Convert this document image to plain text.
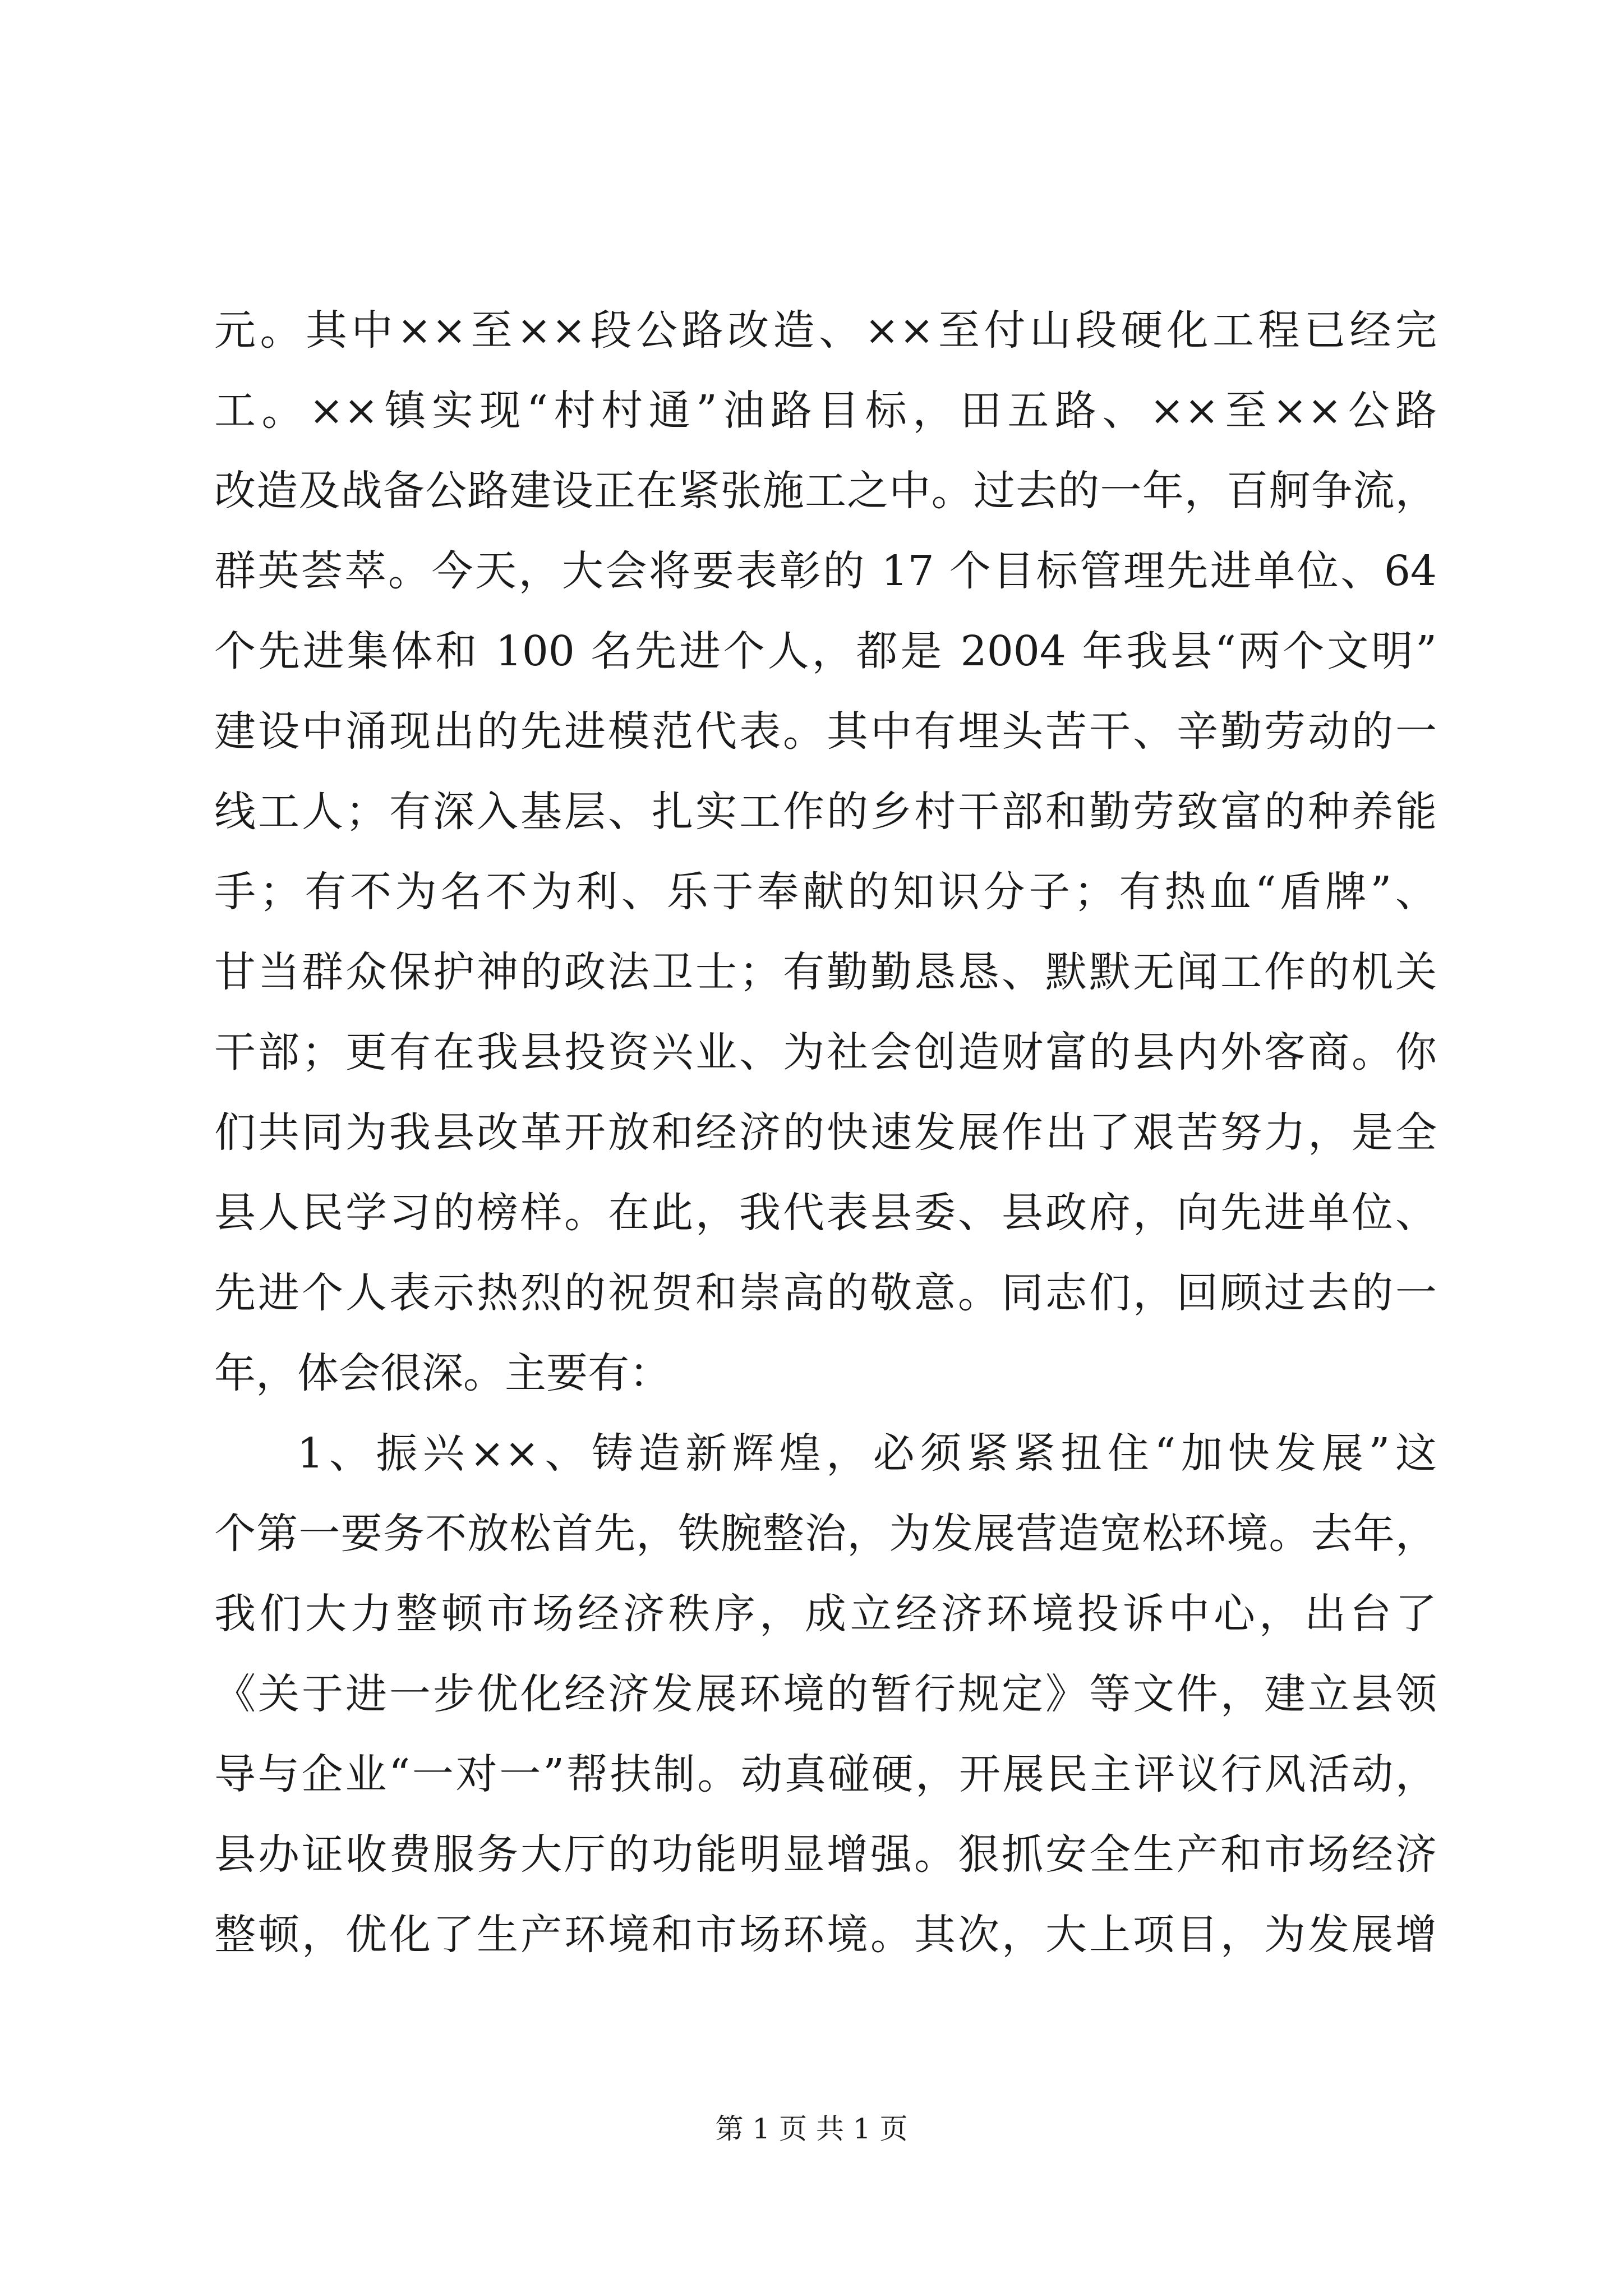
元。其中××至××段公路改造、××至付山段硬化工程已经完
工。××镇实现“村村通”油路目标，田五路、××至××公路
改造及战备公路建设正在紧张施工之中。过去的一年，百舸争流，
群英荟萃。今天，大会将要表彰的 17 个目标管理先进单位、64
个先进集体和 100 名先进个人，都是 2004 年我县“两个文明”
建设中涌现出的先进模范代表。其中有埋头苦干、辛勤劳动的一
线工人；有深入基层、扎实工作的乡村干部和勤劳致富的种养能
手；有不为名不为利、乐于奉献的知识分子；有热血“盾牌”、
甘当群众保护神的政法卫士；有勤勤恳恳、默默无闻工作的机关
干部；更有在我县投资兴业、为社会创造财富的县内外客商。你
们共同为我县改革开放和经济的快速发展作出了艰苦努力，是全
县人民学习的榜样。在此，我代表县委、县政府，向先进单位、
先进个人表示热烈的祝贺和崇高的敬意。同志们，回顾过去的一
年，体会很深。主要有：
1、振兴××、铸造新辉煌，必须紧紧扭住“加快发展”这
个第一要务不放松首先，铁腕整治，为发展营造宽松环境。去年，
我们大力整顿市场经济秩序，成立经济环境投诉中心，出台了
《关于进一步优化经济发展环境的暂行规定》等文件，建立县领
导与企业“一对一”帮扶制。动真碰硬，开展民主评议行风活动，
县办证收费服务大厅的功能明显增强。狠抓安全生产和市场经济
整顿，优化了生产环境和市场环境。其次，大上项目，为发展增
第 1 页 共 1 页
